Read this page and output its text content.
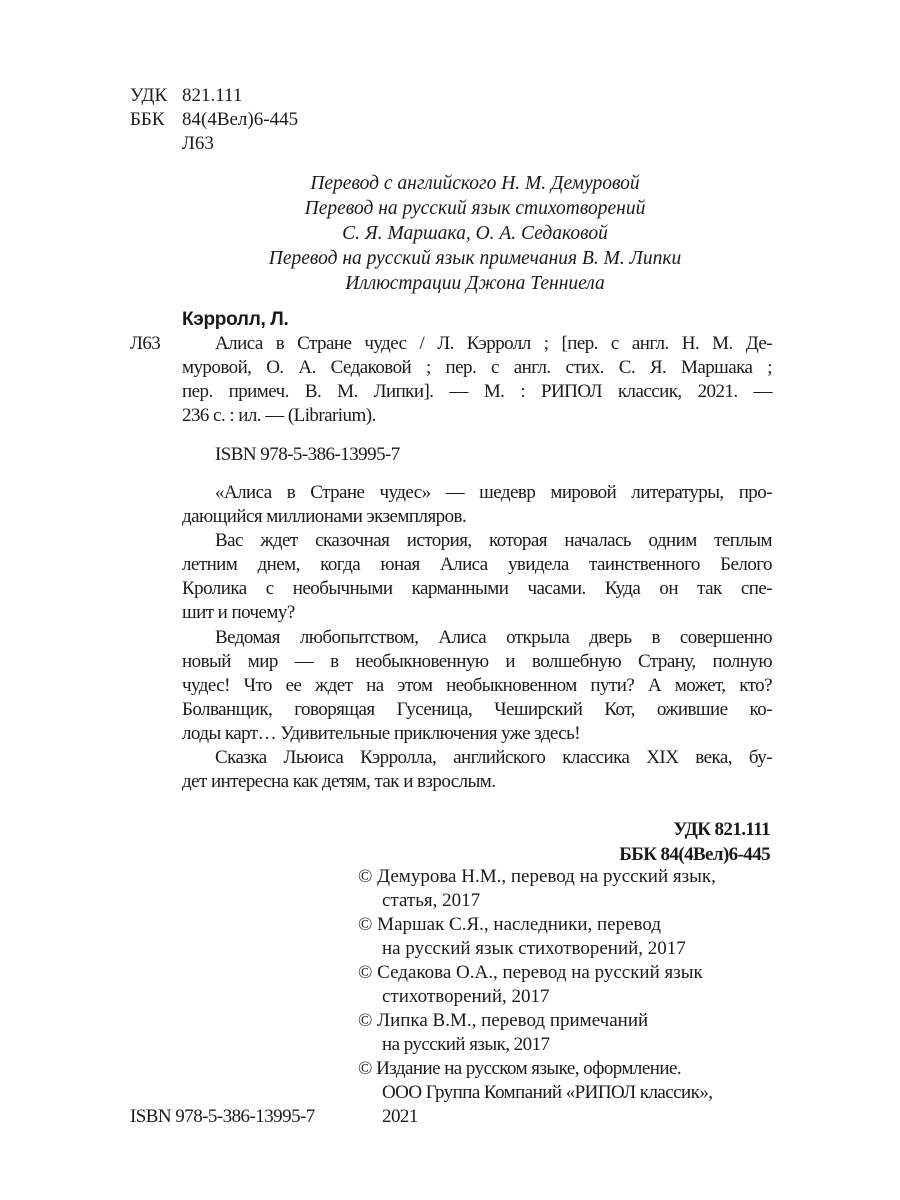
УДК 821.111
ББК 84(4Вел)6-445
Л63
Перевод с английского Н. М. Демуровой
Перевод на русский язык стихотворений
С. Я. Маршака, О. А. Седаковой
Перевод на русский язык примечания В. М. Липки
Иллюстрации Джона Тенниела
Кэрролл, Л.
Л63	Алиса в Стране чудес / Л. Кэрролл ; [пер. с англ. Н. М. Де-
муровой, О. А. Седаковой ; пер. с англ. стих. С. Я. Маршака ;
пер. примеч. В. М. Липки]. — М. : РИПОЛ классик, 2021. —
236 с. : ил. — (Librarium).
ISBN 978-5-386-13995-7
«Алиса в Стране чудес» — шедевр мировой литературы, про-
дающийся миллионами экземпляров.
Вас ждет сказочная история, которая началась одним теплым
летним днем, когда юная Алиса увидела таинственного Белого
Кролика с необычными карманными часами. Куда он так спе-
шит и почему?
Ведомая любопытством, Алиса открыла дверь в совершенно
новый мир — в необыкновенную и волшебную Страну, полную
чудес! Что ее ждет на этом необыкновенном пути? А может, кто?
Болванщик, говорящая Гусеница, Чеширский Кот, ожившие ко-
лоды карт… Удивительные приключения уже здесь!
Сказка Льюиса Кэрролла, английского классика XIX века, бу-
дет интересна как детям, так и взрослым.
УДК 821.111
ББК 84(4Вел)6-445
© Демурова Н.М., перевод на русский язык,
статья, 2017
© Маршак С.Я., наследники, перевод
на русский язык стихотворений, 2017
© Седакова О.А., перевод на русский язык
стихотворений, 2017
© Липка В.М., перевод примечаний
на русский язык, 2017
© Издание на русском языке, оформление.
ООО Группа Компаний «РИПОЛ классик»,
2021
ISBN 978-5-386-13995-7
